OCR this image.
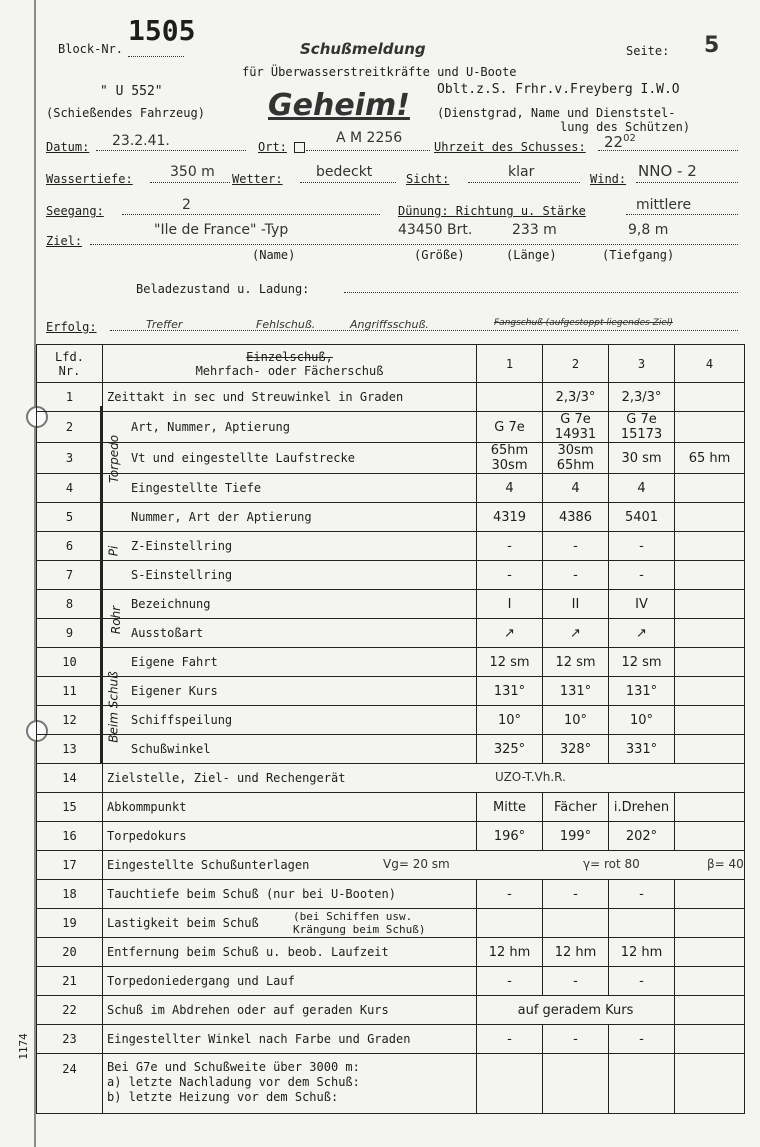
Block-Nr.
1505
Schußmeldung	Seite: 5
für Überwasserstreitkräfte und U-Boote
" U 552"
(Schießendes Fahrzeug) Geheim! Oblt.z.S. Frhr.v.Freyberg I.W.O
(Dienstgrad, Name und Dienststel-
lung des Schützen)
Datum: 23.2.41.	Ort:
A M 2256
Uhrzeit des Schusses: $22^{02}$
Wassertiefe:	350 m Wetter: bedeckt	Sicht:	klar	Wind: NNO - 2
Seegang:	2	Dünung: Richtung u. Stärke	mittlere
Ziel:
"Ile de France" -Typ	43450 Brt.	233 m	9,8 m
(Name)	(Größe)	(Länge)	(Tiefgang)
Beladezustand u. Ladung:
Erfolg:	Treffer	Fehlschuß.	Angriffsschuß.	Fangschuß (aufgestoppt liegendes Ziel)
Lfd. Nr.	Einzelschuß,
Mehrfach- oder Fächerschuß	1	2	3	4
1	Zeittakt in sec und Streuwinkel in Graden		2,3/3°	2,3/3°	
2	Art, Nummer, Aptierung	G 7e	G 7e 14931	G 7e 15173	
3	Vt und eingestellte Laufstrecke	65hm 30sm	30sm 65hm	30 sm	65 hm
4	Eingestellte Tiefe	4	4	4	
5	Nummer, Art der Aptierung	4319	4386	5401	
6	Z-Einstellring	-	-	-	
7	S-Einstellring	-	-	-	
8	Bezeichnung	I	II	IV	
9	Ausstoßart	↗	↗	↗	
10	Eigene Fahrt	12 sm	12 sm	12 sm	
11	Eigener Kurs	131°	131°	131°	
12	Schiffspeilung	10°	10°	10°	
13	Schußwinkel	325°	328°	331°	
14	Zielstelle, Ziel- und Rechengerät UZO-T.Vh.R.				

15	Abkommpunkt	Mitte	Fächer	i.Drehen	
16	Torpedokurs	196°	199°	202°	
17	Eingestellte Schußunterlagen Vg= 20 sm γ= rot 80 β= 40				

18	Tauchtiefe beim Schuß (nur bei U-Booten)	-	-	-	
19	Lastigkeit beim Schuß (bei Schiffen usw.
Krängung beim Schuß)				

20	Entfernung beim Schuß u. beob. Laufzeit	12 hm	12 hm	12 hm	
21	Torpedoniedergang und Lauf	-	-	-	
22	Schuß im Abdrehen oder auf geraden Kurs	auf geradem Kurs			
23	Eingestellter Winkel nach Farbe und Graden	-	-	-	
24	Bei G7e und Schußweite über 3000 m:
a) letzte Nachladung vor dem Schuß:
b) letzte Heizung vor dem Schuß:				
Torpedo
Pi
Rohr
Beim Schuß
1174
